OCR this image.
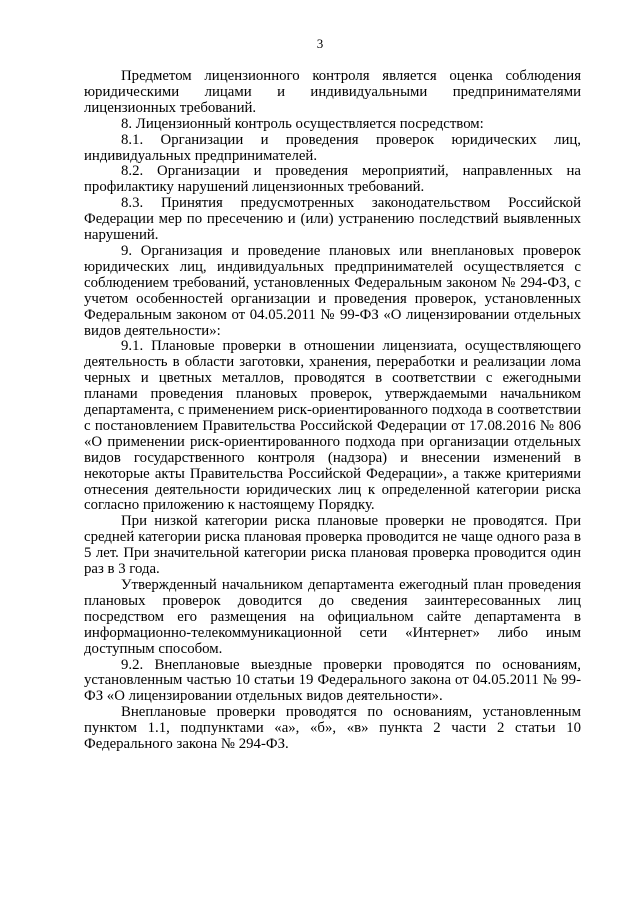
3

Предметом лицензионного контроля является оценка соблюдения юридическими лицами и индивидуальными предпринимателями лицензионных требований.

8. Лицензионный контроль осуществляется посредством:

8.1. Организации и проведения проверок юридических лиц, индивидуальных предпринимателей.

8.2. Организации и проведения мероприятий, направленных на профилактику нарушений лицензионных требований.

8.3. Принятия предусмотренных законодательством Российской Федерации мер по пресечению и (или) устранению последствий выявленных нарушений.

9. Организация и проведение плановых или внеплановых проверок юридических лиц, индивидуальных предпринимателей осуществляется с соблюдением требований, установленных Федеральным законом № 294-ФЗ, с учетом особенностей организации и проведения проверок, установленных Федеральным законом от 04.05.2011 № 99-ФЗ «О лицензировании отдельных видов деятельности»:

9.1. Плановые проверки в отношении лицензиата, осуществляющего деятельность в области заготовки, хранения, переработки и реализации лома черных и цветных металлов, проводятся в соответствии с ежегодными планами проведения плановых проверок, утверждаемыми начальником департамента, с применением риск-ориентированного подхода в соответствии с постановлением Правительства Российской Федерации от 17.08.2016 № 806 «О применении риск-ориентированного подхода при организации отдельных видов государственного контроля (надзора) и внесении изменений в некоторые акты Правительства Российской Федерации», а также критериями отнесения деятельности юридических лиц к определенной категории риска согласно приложению к настоящему Порядку.

При низкой категории риска плановые проверки не проводятся. При средней категории риска плановая проверка проводится не чаще одного раза в 5 лет. При значительной категории риска плановая проверка проводится один раз в 3 года.

Утвержденный начальником департамента ежегодный план проведения плановых проверок доводится до сведения заинтересованных лиц посредством его размещения на официальном сайте департамента в информационно-телекоммуникационной сети «Интернет» либо иным доступным способом.

9.2. Внеплановые выездные проверки проводятся по основаниям, установленным частью 10 статьи 19 Федерального закона от 04.05.2011 № 99-ФЗ «О лицензировании отдельных видов деятельности».

Внеплановые проверки проводятся по основаниям, установленным пунктом 1.1, подпунктами «а», «б», «в» пункта 2 части 2 статьи 10 Федерального закона № 294-ФЗ.
